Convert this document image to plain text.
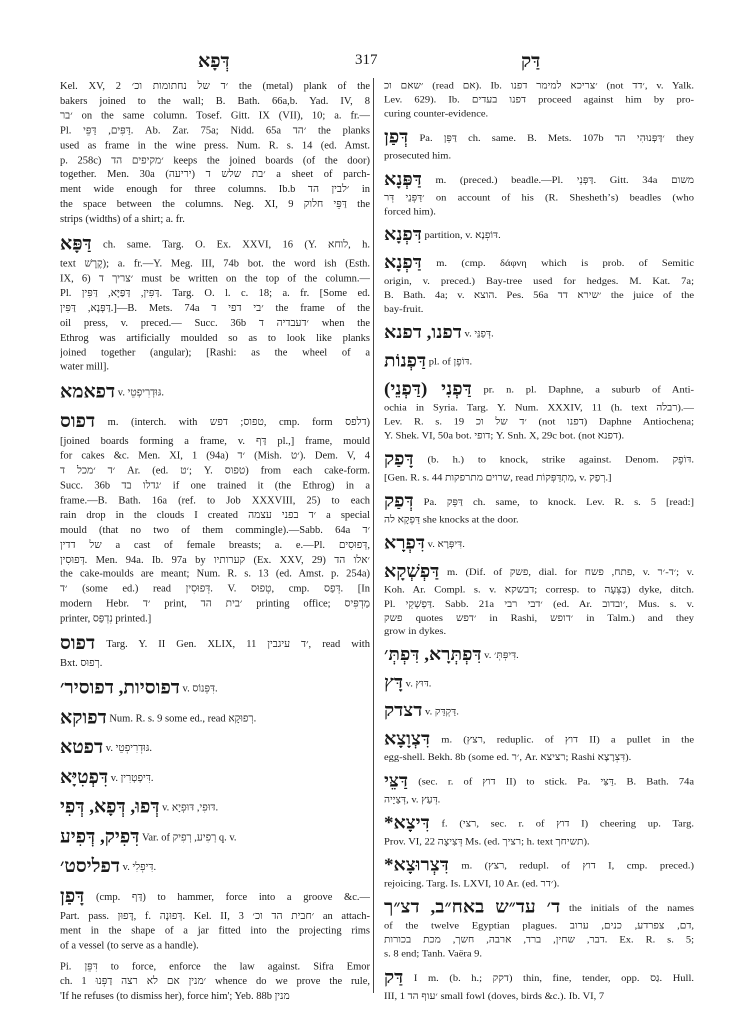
דְּפָא	317	דַּק
Kel. XV, 2 ׳ד של נחתומות וכ׳ the (metal) plank of the
bakers joined to the wall; B. Bath. 66a,b. Yad. IV, 8
׳בר on the same column. Tosef. Gitt. IX (VII), 10; a. fr.—
Pl. דַּפִּים, דַּפֵּי. Ab. Zar. 75a; Nidd. 65a ׳הד the planks
used as frame in the wine press. Num. R. s. 14 (ed. Amst.
p. 258c) ׳מקיפים הד keeps the joined boards (of the door)
together. Men. 30a ׳בת שלש ד (יריעה) a sheet of parch-
ment wide enough for three columns. Ib.b ׳לבין הד in
the space between the columns. Neg. XI, 9 דַּפֵּי חלוק the
strips (widths) of a shirt; a. fr.
דַּפָּא ch. same. Targ. O. Ex. XXVI, 16 (Y. לוחא, h.
text קֶרֶשׁ); a. fr.—Y. Meg. III, 74b bot. the word ish (Esth.
IX, 6) ׳צריך ד must be written on the top of the column.—
Pl. דַּפִּין, דַּפַּיָּא, דַּפִּין. Targ. O. l. c. 18; a. fr. [Some ed.
דַּפְּנָא, דַּפִּין.]—B. Mets. 74a ׳בי דפי ד the frame of the
oil press, v. preced.— Succ. 36b ׳דעבדיה ד when the
Ethrog was artificially moulded so as to look like planks
joined together (angular); [Rashi: as the wheel of a
water mill].
דפאמא v. גּוּדְרִיפְטֵי.
דפוס m. (interch. with טפוס; דפש, cmp. form דלפס)
[joined boards forming a frame, v. דַּף pl.,] frame, mould
for cakes &c. Men. XI, 1 (94a) ׳ד (Mish. ׳ט). Dem. V, 4
׳ד ׳מכל ד Ar. (ed. ׳ט; Y. טפוס) from each cake-form.
Succ. 36b ׳גדלו בד if one trained it (the Ethrog) in a
frame.—B. Bath. 16a (ref. to Job XXXVIII, 25) to each
rain drop in the clouds I created ׳ד בפני עצמה a special
mould (that no two of them commingle).—Sabb. 64a ׳ד
של דדין a cast of female breasts; a. e.—Pl. דְּפוּסִים,
דְּפוּסִין. Men. 94a. Ib. 97a by קערותיו (Ex. XXV, 29) ׳אלו הד
the cake-moulds are meant; Num. R. s. 13 (ed. Amst. p. 254a)
׳ד (some ed.) read דְּפוּסִין. V. טְפוּס, cmp. דְּפַס. [In
modern Hebr. ׳ד print, ׳בית הד printing office; מַדְפִּיס
printer, נִדְפַּס printed.]
דפוס Targ. Y. II Gen. XLIX, 11 ׳ד עיגבין, read with
Bxt. רְפוּס.
דפוסיות, דפוסיר׳ v. דִּפְּנוֹס.
דפוקא Num. R. s. 9 some ed., read רְפוּקָא.
דפטא v. גּוּדְרִיפְטֵי.
דִּפְטִיָּא v. דִּיפְטְרִין.
דְּפוּ, דְּפָא, דְּפִי v. דּוּפִי, דּוּפְיָא.
דִּפִיק, דְּפִיע Var. of רְפִיע, רְפִיק q. v.
דפליסט׳ v. דִּיפְלִי.
דָּפַן (cmp. דַּף) to hammer, force into a groove &c.—
Part. pass. דָּפוּן, f. דְּפוּנָה. Kel. II, 3 ׳חבית הד וכ׳ an attach-
ment in the shape of a jar fitted into the projecting rims
of a vessel (to serve as a handle).
Pi. דִּפֵּן to force, enforce the law against. Sifra Emor
ch. 1 ׳מנין אם לא רצה דַפְּנוּ whence do we prove the rule,
'If he refuses (to dismiss her), force him'; Yeb. 88b מנין
׳שאם וכ (read אם). Ib. ׳צריכא למימר דפנו (not ׳דד, v. Yalk.
Lev. 629). Ib. דפנו בעדים proceed against him by pro-
curing counter-evidence.
דְּפַן Pa. דַּפֵּן ch. same. B. Mets. 107b ׳דַּפְּנוּהִי הד they
prosecuted him.
דַּפְּנָא m. (preced.) beadle.—Pl. דַּפְּנֵי. Gitt. 34a משום
׳דַּפְּנֵי דְּר on account of his (R. Sheshethʼs) beadles (who
forced him).
דִּפְנָא partition, v. דּוֹפְנָא.
דַּפְנָא m. (cmp. δάφνη which is prob. of Semitic
origin, v. preced.) Bay-tree used for hedges. M. Kat. 7a;
B. Bath. 4a; v. הוצא. Pes. 56a ׳שירא דד the juice of the
bay-fruit.
דפנו, דפנא v. דְּפַנֵּי.
דַּפְנוֹת pl. of דּוֹפֶן.
דַּפְנִי (דַּפְנֵי) pr. n. pl. Daphne, a suburb of Anti-
ochia in Syria. Targ. Y. Num. XXXIV, 11 (h. text רבלה).—
Lev. R. s. 19 ׳ד של וכ (not דפנו) Daphne Antiochena;
Y. Shek. VI, 50a bot. דופי; Y. Snh. X, 29c bot. (not דפנא).
דָּפַק (b. h.) to knock, strike against. Denom. דּוֹפֶק.
[Gen. R. s. 44 שרוים מתרפקות, read מִתְדַּפְּקוֹת, v. רְפַק.]
דְּפַק Pa. דַּפֵּק ch. same, to knock. Lev. R. s. 5 [read:]
דַּפְקָא לה she knocks at the door.
דִּפְרָא v. דִּיפְּרָא.
דַּפְשְׁקָא m. (Dif. of פשק, dial. for פתח, פשח, v. ׳ד-׳ר; v.
Koh. Ar. Compl. s. v. דבשקא; corresp. to בַּצְּעָה) dyke, ditch.
Pl. דַּפְשְׁקֵי. Sabb. 21a ׳דבי רבי (ed. Ar. ׳ובדוב, Mus. s. v.
פשק quotes ׳דפש in Rashi, ׳דופש in Talm.) and they
grow in dykes.
דִּפְתְּרָא, דִּפְתְּ׳ v. דִּיפְּתְּ׳.
דָּץ v. דּוּץ.
דצדק v. דַּקְדֵּק.
דִּצְוָצָא m. (רצץ, reduplic. of דוץ II) a pullet in the
egg-shell. Bekh. 8b (some ed. ׳ר, Ar. רציצא; Rashi דִּצְרָצָא).
דַּצֵּי (sec. r. of דוץ II) to stick. Pa. דַּצִּי. B. Bath. 74a
דְּצַיָיה, v. דְּעַץ.
*דִּיצָא f. (רצי, sec. r. of דוץ I) cheering up. Targ.
Prov. VI, 22 דְּצִיצָה Ms. (ed. רציך; h. text תשיחך).
*דִּצְרוּצָא m. (רצץ, redupl. of דוץ I, cmp. preced.)
rejoicing. Targ. Is. LXVI, 10 Ar. (ed. ׳דר).
ד׳ עד״ש באח״ב, דצ״ך the initials of the names
of the twelve Egyptian plagues. דם, צפרדע, כנים, ערוב,
דבר, שחין, ברד, ארבה, חשך, מכת בכורות. Ex. R. s. 5;
s. 8 end; Tanh. Vaëra 9.
דַּק I m. (b. h.; דקק) thin, fine, tender, opp. גַּס. Hull.
III, 1 ׳עוף הד small fowl (doves, birds &c.). Ib. VI, 7
